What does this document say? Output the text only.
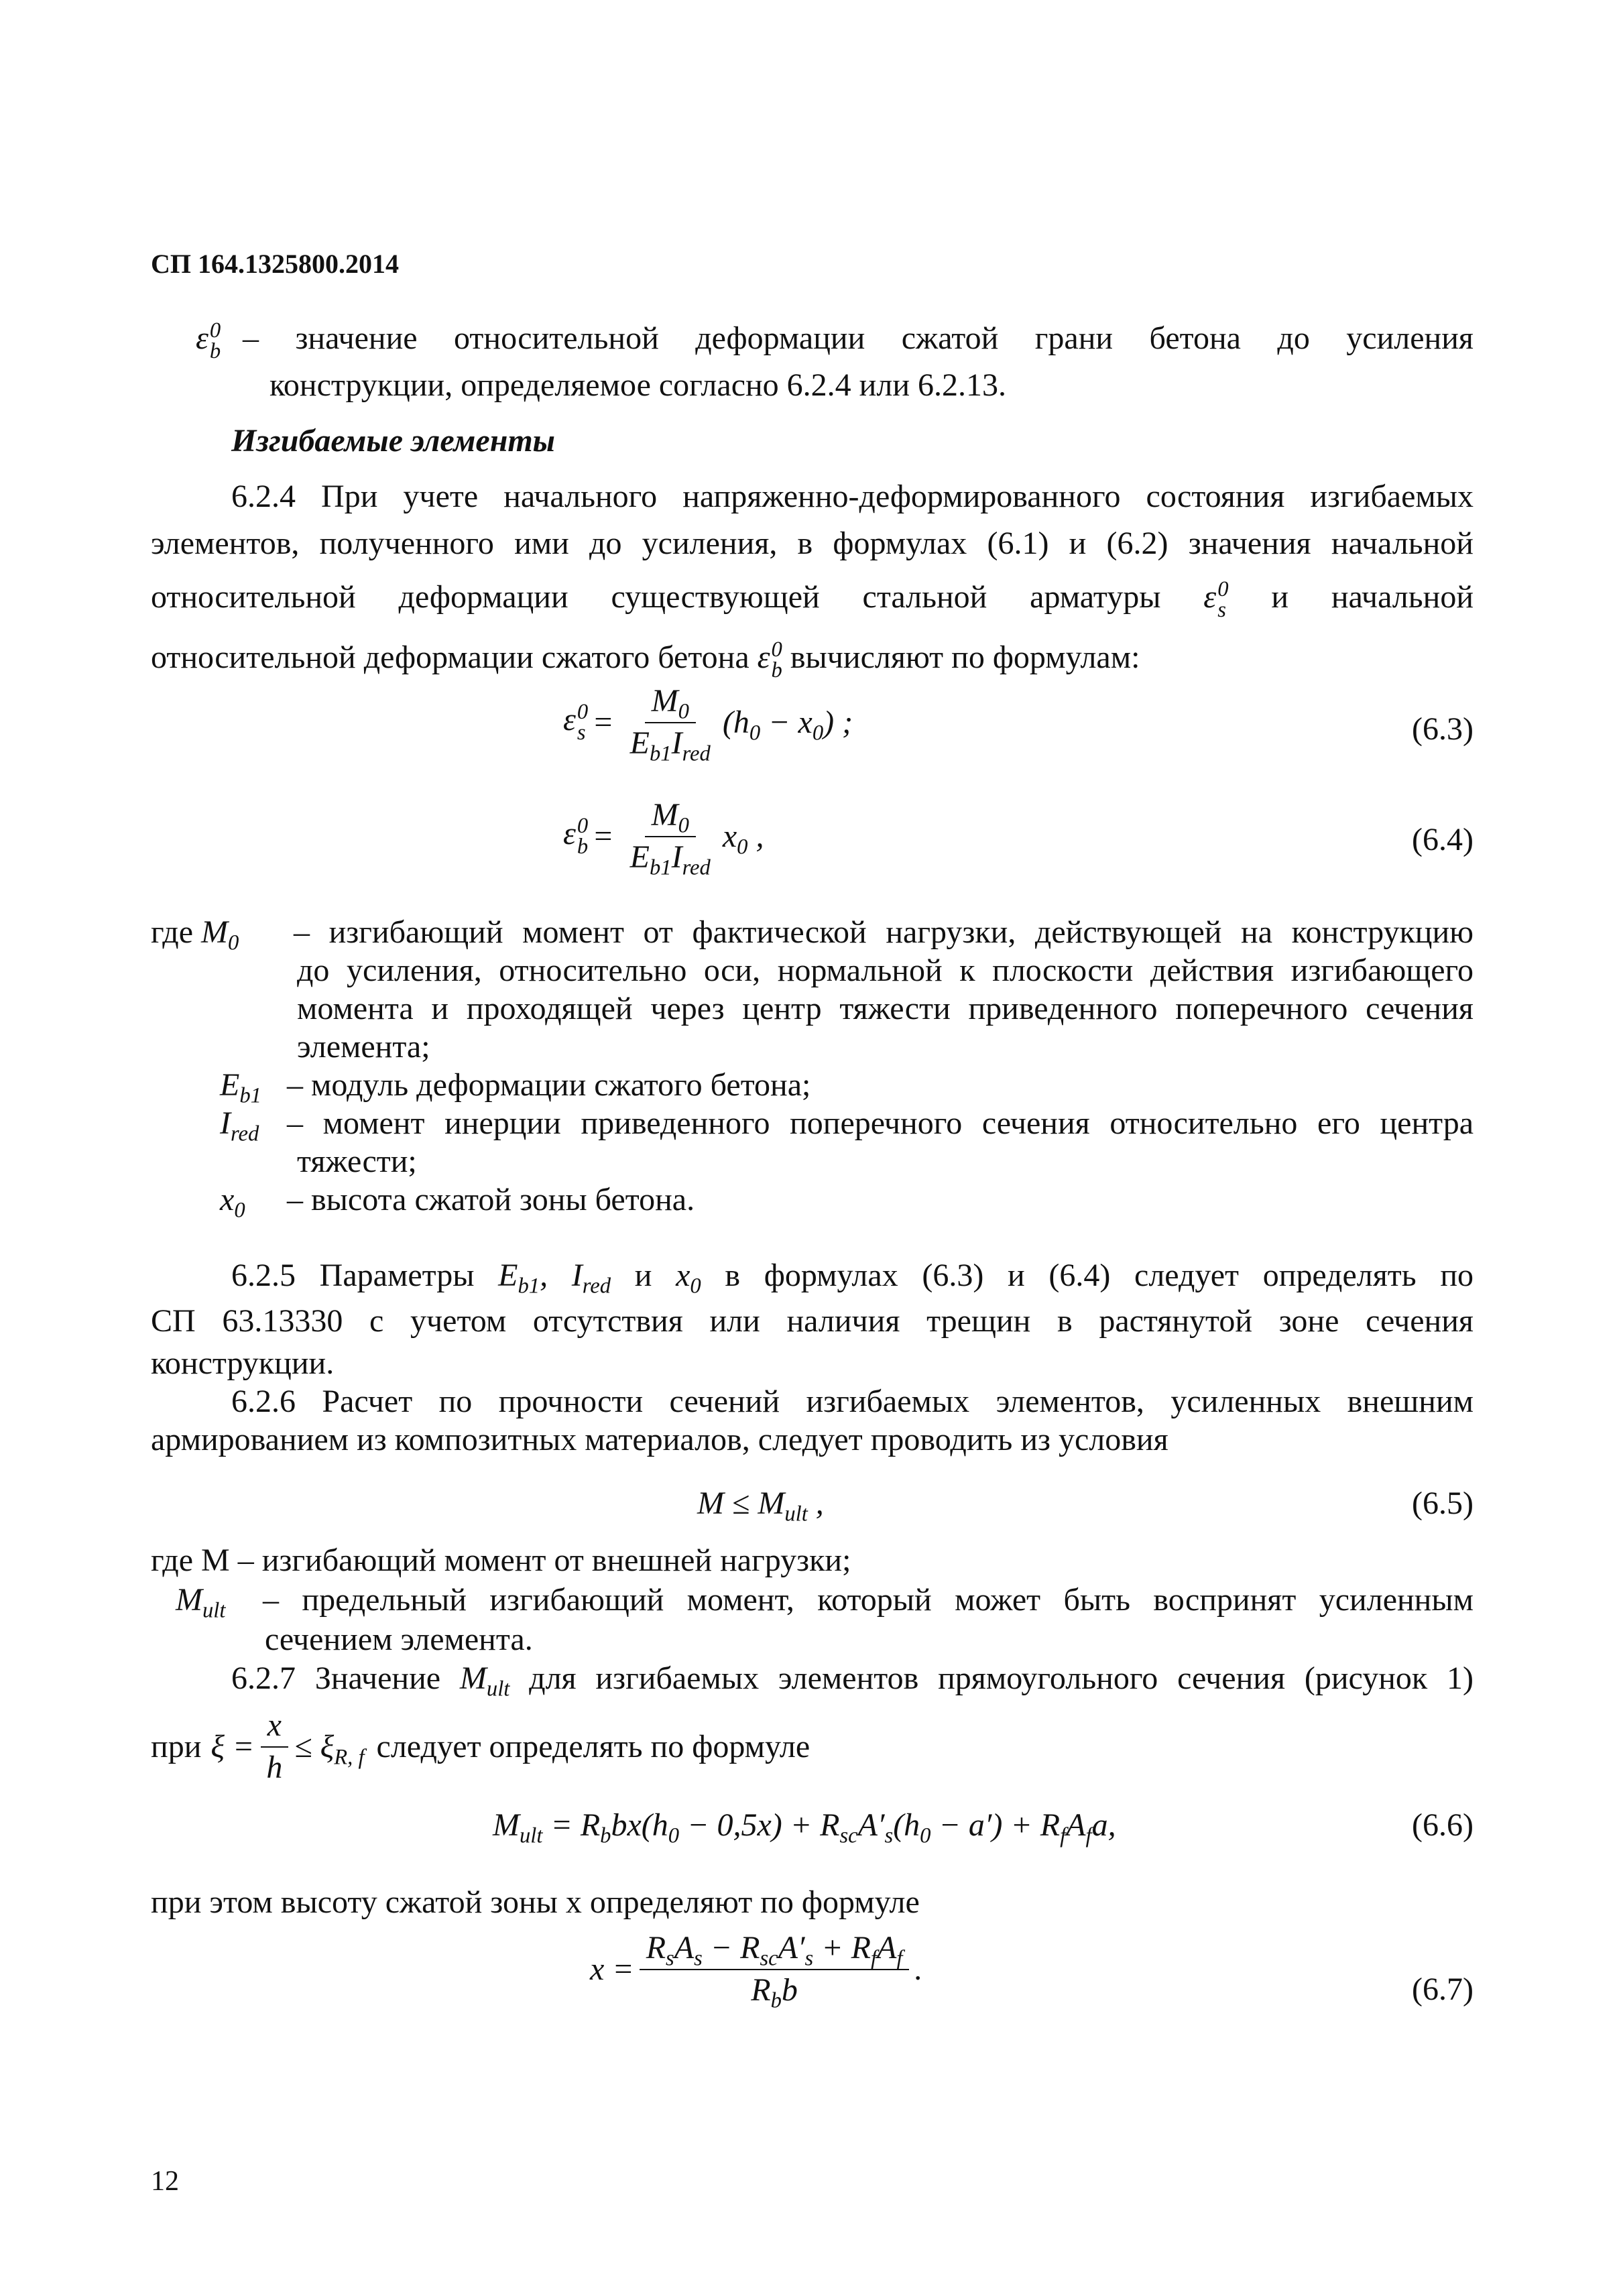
СП 164.1325800.2014
ε 0
b – значение относительной деформации сжатой грани бетона до усиления
конструкции, определяемое согласно 6.2.4 или 6.2.13.
Изгибаемые элементы
6.2.4 При учете начального напряженно-деформированного состояния изгибаемых
элементов, полученного ими до усиления, в формулах (6.1) и (6.2) значения начальной
относительной деформации существующей стальной арматуры ε 0
s и начальной
относительной деформации сжатого бетона ε 0
b вычисляют по формулам:
ε 0
$s = \frac{M_0}{E_{b1}I_{red}} (h_0 - x_0)$ ;	(6.3)
ε 0
$b = \frac{M_0}{E_{b1}I_{red}} x_0$ ,	(6.4)
где $M_0$	– изгибающий момент от фактической нагрузки, действующей на конструкцию
до усиления, относительно оси, нормальной к плоскости действия изгибающего
момента и проходящей через центр тяжести приведенного поперечного сечения
элемента;
$E_{b1}$ – модуль деформации сжатого бетона;
$I_{red}$ – момент инерции приведенного поперечного сечения относительно его центра
тяжести;
$x_0$	– высота сжатой зоны бетона.
6.2.5 Параметры $E_{b1}$, $I_{red}$ и $x_0$ в формулах (6.3) и (6.4) следует определять по
СП 63.13330 с учетом отсутствия или наличия трещин в растянутой зоне сечения
конструкции.
6.2.6 Расчет по прочности сечений изгибаемых элементов, усиленных внешним
армированием из композитных материалов, следует проводить из условия
$M \le M_{ult}$ ,	(6.5)
где M – изгибающий момент от внешней нагрузки;
$M_{ult}$	– предельный изгибающий момент, который может быть воспринят усиленным
сечением элемента.
6.2.7 Значение $M_{ult}$ для изгибаемых элементов прямоугольного сечения (рисунок 1)
при $\xi = \frac{x}{h} \le \xi_{R, f}$ следует определять по формуле
$M_{ult} = R_bbx(h_0 - 0,5x) + R_{sc}A'_s(h_0 - a') + R_fA_fa$,	(6.6)
при этом высоту сжатой зоны x определяют по формуле
$x = \frac{R_sA_s - R_{sc}A'_s + R_fA_f}{R_bb}$ .
(6.7)
12
